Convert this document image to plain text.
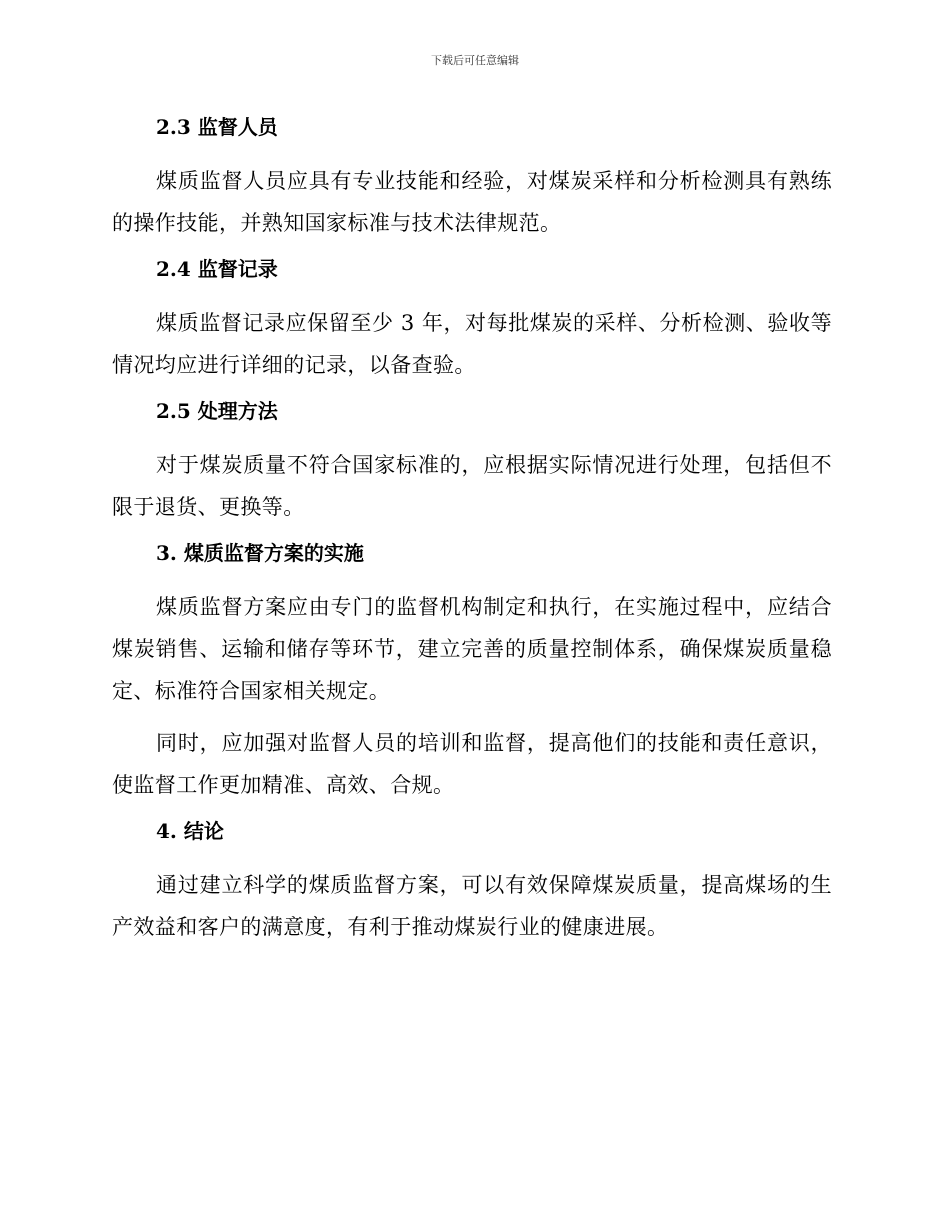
下载后可任意编辑
2.3 监督人员

煤质监督人员应具有专业技能和经验，对煤炭采样和分析检测具有熟练的操作技能，并熟知国家标准与技术法律规范。

2.4 监督记录

煤质监督记录应保留至少 3 年，对每批煤炭的采样、分析检测、验收等情况均应进行详细的记录，以备查验。

2.5 处理方法

对于煤炭质量不符合国家标准的，应根据实际情况进行处理，包括但不限于退货、更换等。

3. 煤质监督方案的实施

煤质监督方案应由专门的监督机构制定和执行，在实施过程中，应结合煤炭销售、运输和储存等环节，建立完善的质量控制体系，确保煤炭质量稳定、标准符合国家相关规定。

同时，应加强对监督人员的培训和监督，提高他们的技能和责任意识，使监督工作更加精准、高效、合规。

4. 结论

通过建立科学的煤质监督方案，可以有效保障煤炭质量，提高煤场的生产效益和客户的满意度，有利于推动煤炭行业的健康进展。
